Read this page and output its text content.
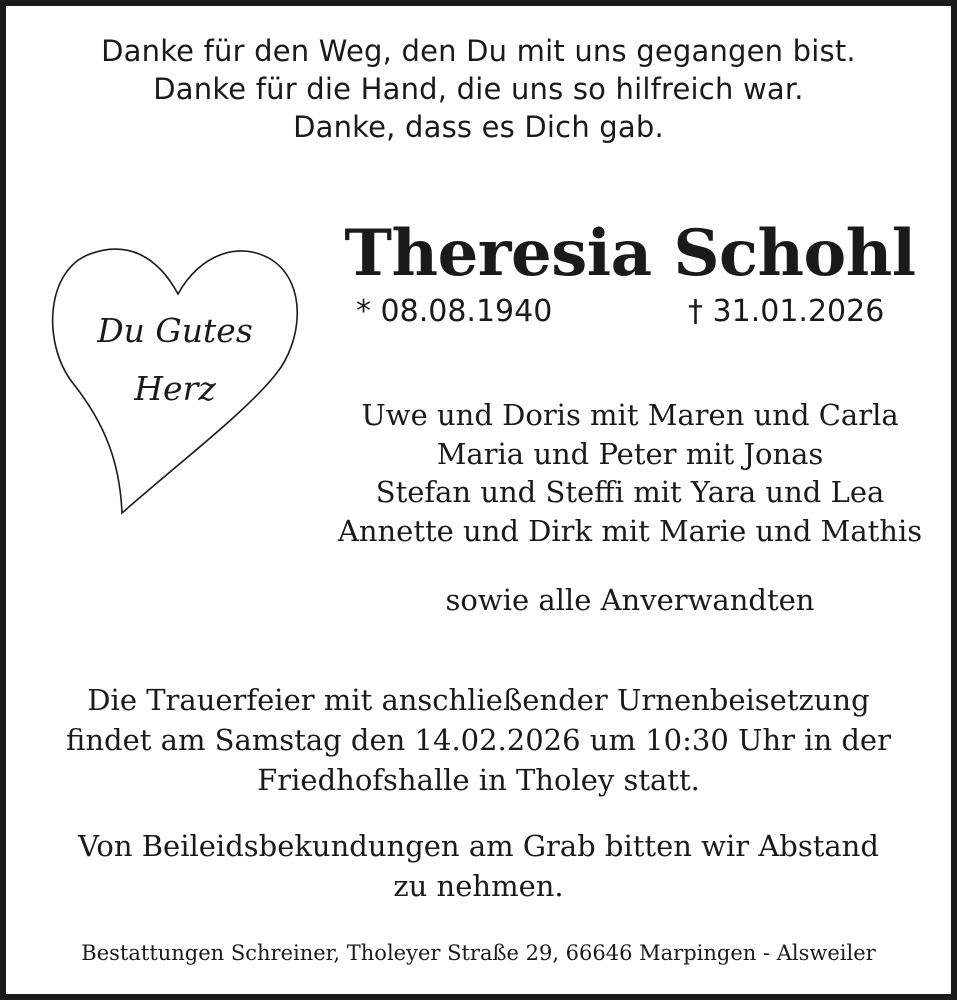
Danke für den Weg, den Du mit uns gegangen bist.
Danke für die Hand, die uns so hilfreich war.
Danke, dass es Dich gab.
Du Gutes
Herz
Theresia Schohl
* 08.08.1940	† 31.01.2026
Uwe und Doris mit Maren und Carla
Maria und Peter mit Jonas
Stefan und Steffi mit Yara und Lea
Annette und Dirk mit Marie und Mathis
sowie alle Anverwandten
Die Trauerfeier mit anschließender Urnenbeisetzung
findet am Samstag den 14.02.2026 um 10:30 Uhr in der
Friedhofshalle in Tholey statt.
Von Beileidsbekundungen am Grab bitten wir Abstand
zu nehmen.
Bestattungen Schreiner, Tholeyer Straße 29, 66646 Marpingen - Alsweiler
